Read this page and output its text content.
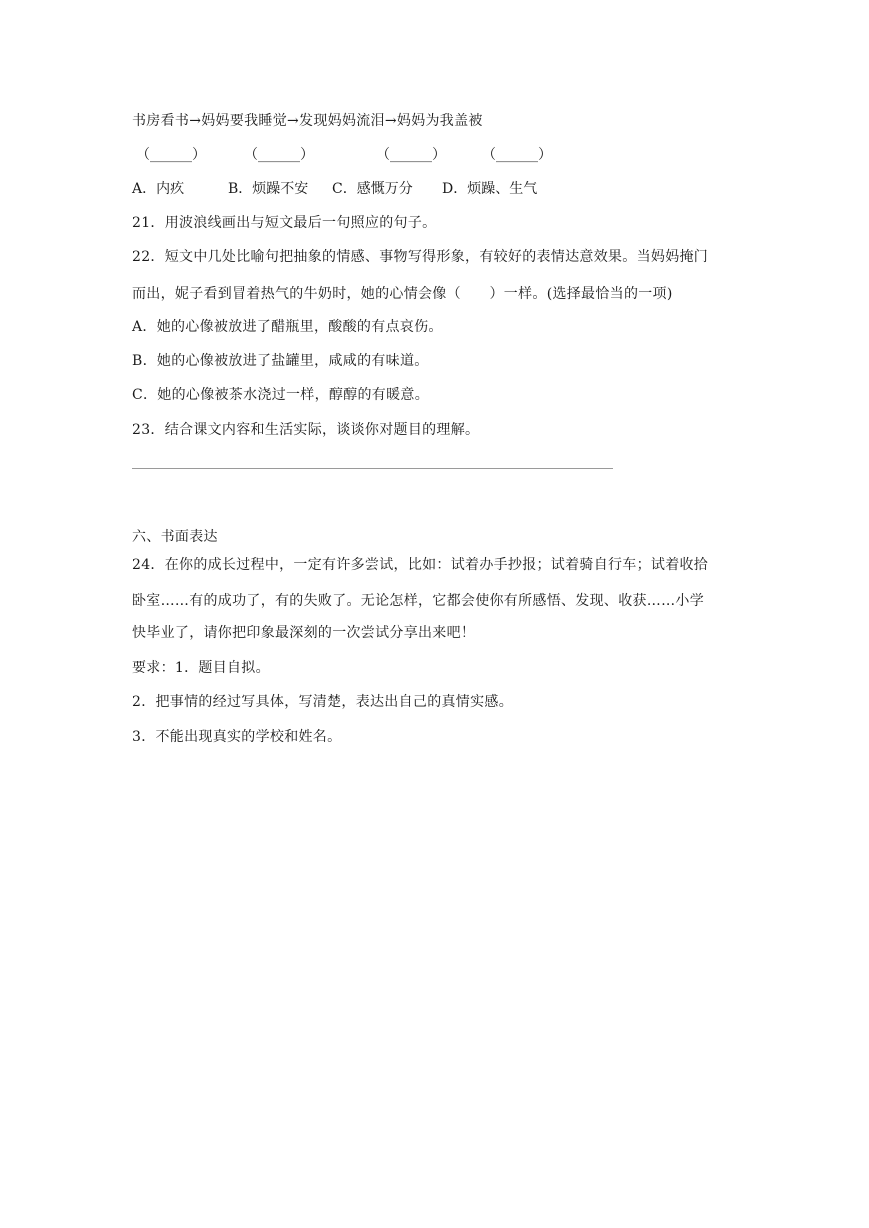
书房看书→妈妈要我睡觉→发现妈妈流泪→妈妈为我盖被
（______）	（______）	（______）	（______）
A．内疚	B．烦躁不安 C．感慨万分 D．烦躁、生气
21．用波浪线画出与短文最后一句照应的句子。
22．短文中几处比喻句把抽象的情感、事物写得形象，有较好的表情达意效果。当妈妈掩门
而出，妮子看到冒着热气的牛奶时，她的心情会像（　　）一样。(选择最恰当的一项)
A．她的心像被放进了醋瓶里，酸酸的有点哀伤。
B．她的心像被放进了盐罐里，咸咸的有味道。
C．她的心像被茶水浇过一样，醇醇的有暖意。
23．结合课文内容和生活实际，谈谈你对题目的理解。
六、书面表达
24．在你的成长过程中，一定有许多尝试，比如：试着办手抄报；试着骑自行车；试着收拾
卧室……有的成功了，有的失败了。无论怎样，它都会使你有所感悟、发现、收获……小学
快毕业了，请你把印象最深刻的一次尝试分享出来吧！
要求：1．题目自拟。
2．把事情的经过写具体，写清楚，表达出自己的真情实感。
3．不能出现真实的学校和姓名。
